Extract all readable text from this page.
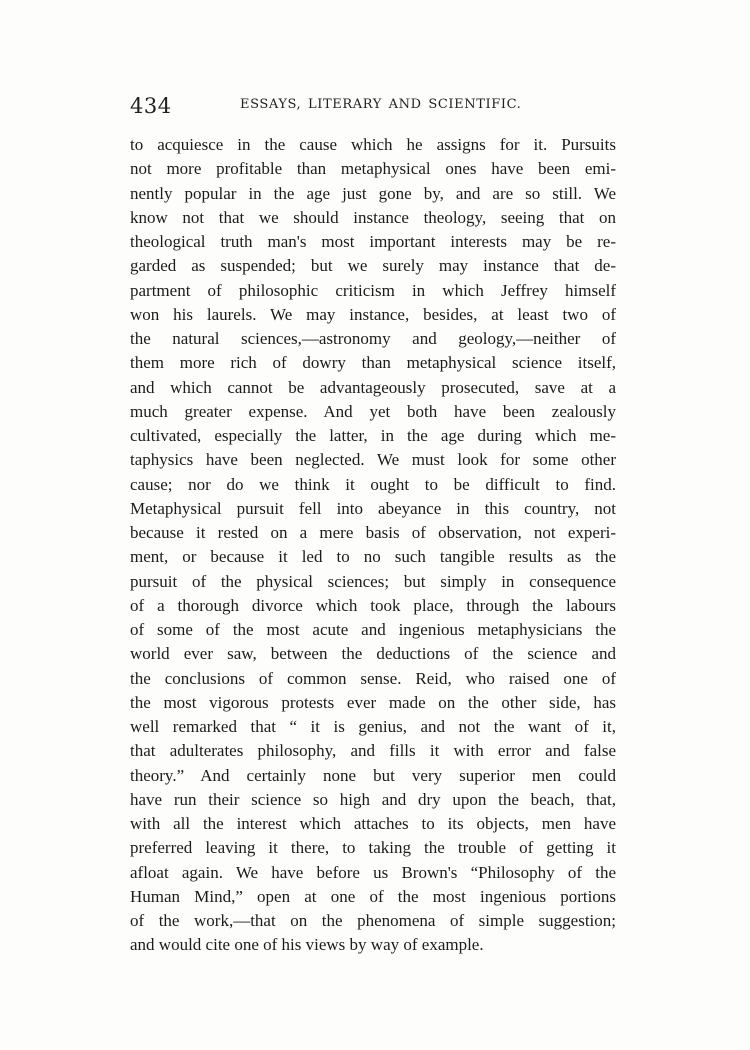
434	ESSAYS, LITERARY AND SCIENTIFIC.
to acquiesce in the cause which he assigns for it. Pursuits
not more profitable than metaphysical ones have been emi-
nently popular in the age just gone by, and are so still. We
know not that we should instance theology, seeing that on
theological truth man's most important interests may be re-
garded as suspended; but we surely may instance that de-
partment of philosophic criticism in which Jeffrey himself
won his laurels. We may instance, besides, at least two of
the natural sciences,—astronomy and geology,—neither of
them more rich of dowry than metaphysical science itself,
and which cannot be advantageously prosecuted, save at a
much greater expense. And yet both have been zealously
cultivated, especially the latter, in the age during which me-
taphysics have been neglected. We must look for some other
cause; nor do we think it ought to be difficult to find.
Metaphysical pursuit fell into abeyance in this country, not
because it rested on a mere basis of observation, not experi-
ment, or because it led to no such tangible results as the
pursuit of the physical sciences; but simply in consequence
of a thorough divorce which took place, through the labours
of some of the most acute and ingenious metaphysicians the
world ever saw, between the deductions of the science and
the conclusions of common sense. Reid, who raised one of
the most vigorous protests ever made on the other side, has
well remarked that “ it is genius, and not the want of it,
that adulterates philosophy, and fills it with error and false
theory.” And certainly none but very superior men could
have run their science so high and dry upon the beach, that,
with all the interest which attaches to its objects, men have
preferred leaving it there, to taking the trouble of getting it
afloat again. We have before us Brown's “Philosophy of the
Human Mind,” open at one of the most ingenious portions
of the work,—that on the phenomena of simple suggestion;
and would cite one of his views by way of example.
